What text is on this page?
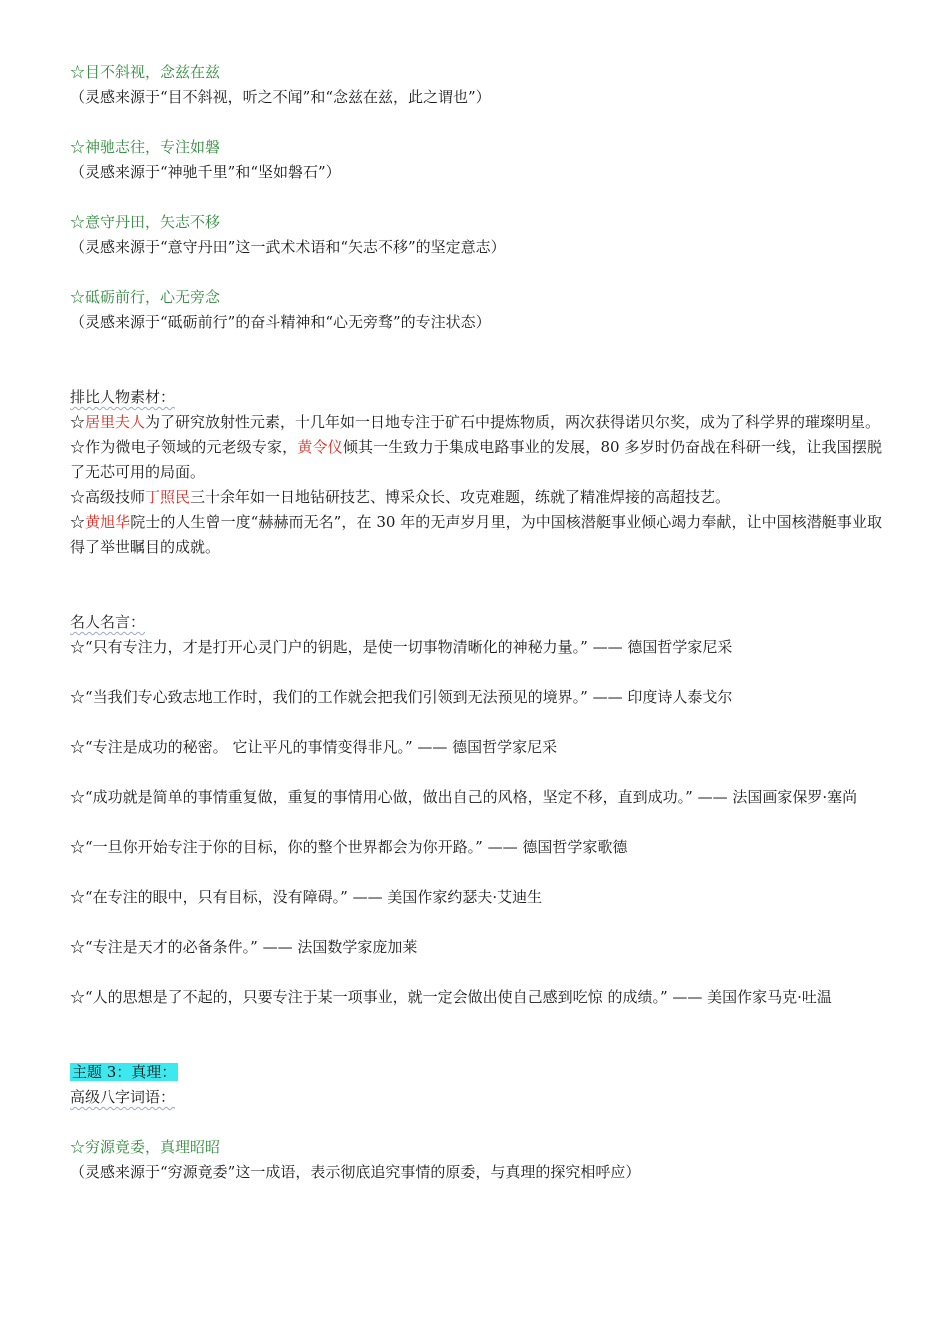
☆目不斜视，念兹在兹

（灵感来源于“目不斜视，听之不闻”和“念兹在兹，此之谓也”）

☆神驰志往，专注如磐

（灵感来源于“神驰千里”和“坚如磐石”）

☆意守丹田，矢志不移

（灵感来源于“意守丹田”这一武术术语和“矢志不移”的坚定意志）

☆砥砺前行，心无旁念

（灵感来源于“砥砺前行”的奋斗精神和“心无旁骛”的专注状态）

排比人物素材：

☆居里夫人为了研究放射性元素，十几年如一日地专注于矿石中提炼物质，两次获得诺贝尔奖，成为了科学界的璀璨明星。

☆作为微电子领域的元老级专家，黄令仪倾其一生致力于集成电路事业的发展，80 多岁时仍奋战在科研一线，让我国摆脱了无芯可用的局面。

☆高级技师丁照民三十余年如一日地钻研技艺、博采众长、攻克难题，练就了精准焊接的高超技艺。

☆黄旭华院士的人生曾一度“赫赫而无名”，在 30 年的无声岁月里，为中国核潜艇事业倾心竭力奉献，让中国核潜艇事业取得了举世瞩目的成就。

名人名言：

☆“只有专注力，才是打开心灵门户的钥匙，是使一切事物清晰化的神秘力量。” —— 德国哲学家尼采

☆“当我们专心致志地工作时，我们的工作就会把我们引领到无法预见的境界。” —— 印度诗人泰戈尔

☆“专注是成功的秘密。 它让平凡的事情变得非凡。” —— 德国哲学家尼采

☆“成功就是简单的事情重复做，重复的事情用心做，做出自己的风格，坚定不移，直到成功。” —— 法国画家保罗·塞尚

☆“一旦你开始专注于你的目标，你的整个世界都会为你开路。” —— 德国哲学家歌德

☆“在专注的眼中，只有目标，没有障碍。” —— 美国作家约瑟夫·艾迪生

☆“专注是天才的必备条件。” —— 法国数学家庞加莱

☆“人的思想是了不起的，只要专注于某一项事业，就一定会做出使自己感到吃惊 的成绩。” —— 美国作家马克·吐温

主题 3：真理：

高级八字词语：

☆穷源竟委，真理昭昭

（灵感来源于“穷源竟委”这一成语，表示彻底追究事情的原委，与真理的探究相呼应）
